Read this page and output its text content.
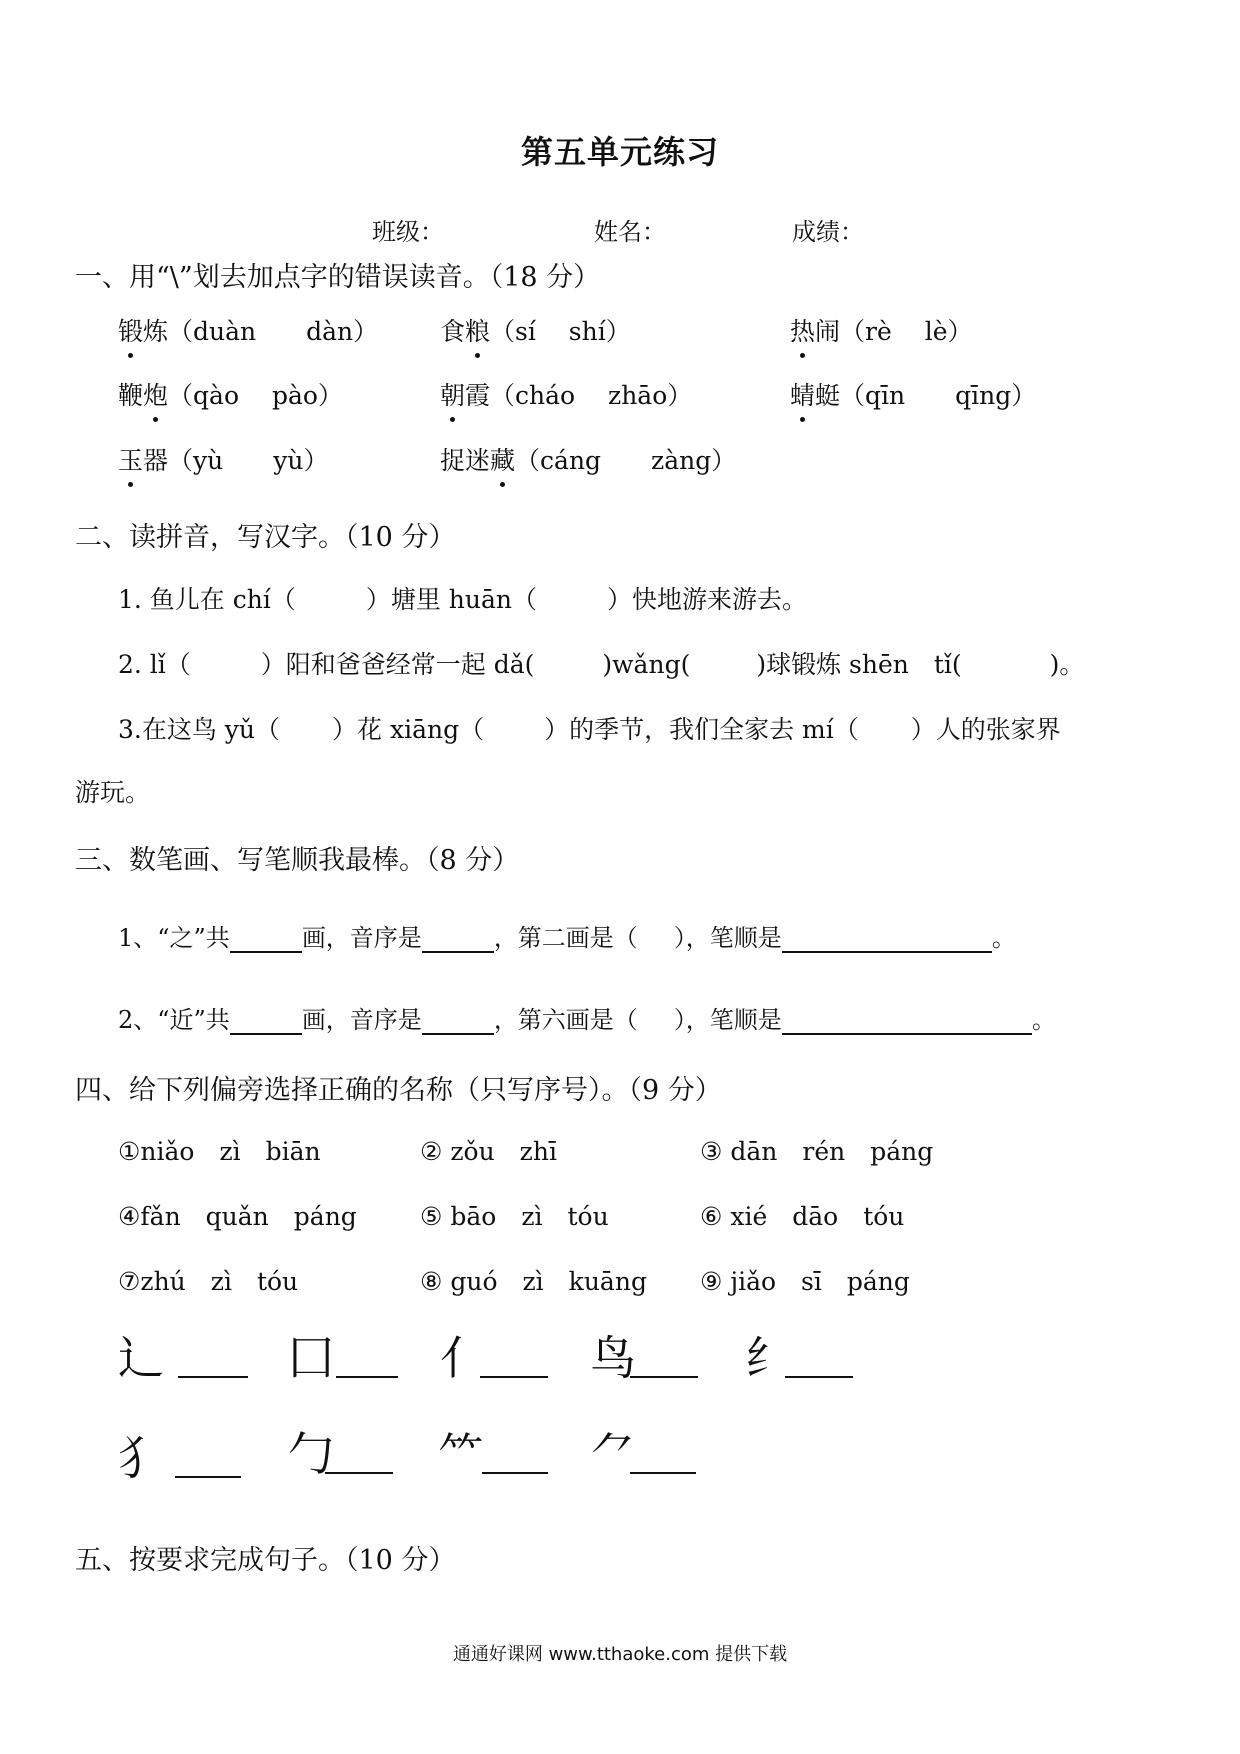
第五单元练习
班级：	姓名：	成绩：
一、用“\”划去加点字的错误读音。（18 分）
锻炼（duàn　　dàn） 食粮（sí　 shí）	热闹（rè　 lè）
鞭炮（qào　 pào）	朝霞（cháo　 zhāo）	蜻蜓（qīn　　qīng）
玉器（yù　　yù）	捉迷藏（cáng　　zàng）
二、读拼音，写汉字。（10 分）
1. 鱼儿在 chí（	）塘里 huān（	）快地游来游去。
2. lǐ（	）阳和爸爸经常一起 dǎ(	)wǎng(	)球锻炼 shēn　tǐ(	)。
3.在这鸟 yǔ（ ）花 xiāng（ ）的季节，我们全家去 mí（ ）人的张家界
游玩。
三、数笔画、写笔顺我最棒。（8 分）
1、“之”共	画，音序是	，第二画是（ ），笔顺是	。
2、“近”共	画，音序是	，第六画是（ ），笔顺是	。
四、给下列偏旁选择正确的名称（只写序号）。（9 分）
①niǎo　zì　biān	② zǒu　zhī	③ dān　rén　páng
④fǎn　quǎn　páng	⑤ bāo　zì　tóu	⑥ xié　dāo　tóu
⑦zhú　zì　tóu	⑧ guó　zì　kuāng ⑨ jiǎo　sī　páng
辶	囗 亻 鸟 纟
犭	勹 ⺮ ⺈
五、按要求完成句子。（10 分）
通通好课网 www.tthaoke.com 提供下载
